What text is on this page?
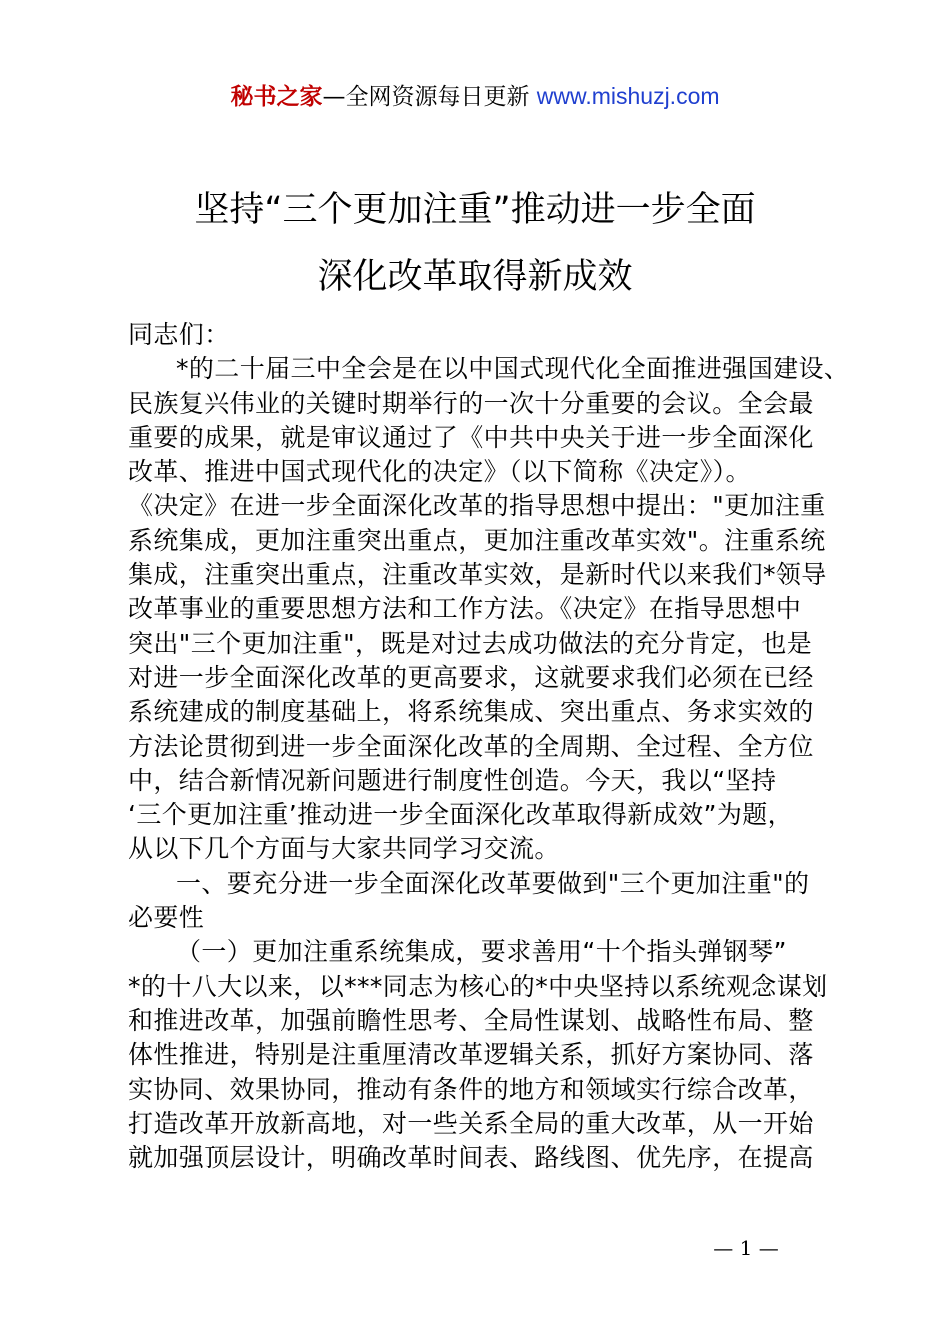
秘书之家—全网资源每日更新 www.mishuzj.com
坚持“三个更加注重”推动进一步全面
深化改革取得新成效
同志们：
*的二十届三中全会是在以中国式现代化全面推进强国建设、
民族复兴伟业的关键时期举行的一次十分重要的会议。全会最
重要的成果，就是审议通过了《中共中央关于进一步全面深化
改革、推进中国式现代化的决定》（以下简称《决定》）。
《决定》在进一步全面深化改革的指导思想中提出："更加注重
系统集成，更加注重突出重点，更加注重改革实效"。注重系统
集成，注重突出重点，注重改革实效，是新时代以来我们*领导
改革事业的重要思想方法和工作方法。《决定》在指导思想中
突出"三个更加注重"，既是对过去成功做法的充分肯定，也是
对进一步全面深化改革的更高要求，这就要求我们必须在已经
系统建成的制度基础上，将系统集成、突出重点、务求实效的
方法论贯彻到进一步全面深化改革的全周期、全过程、全方位
中，结合新情况新问题进行制度性创造。今天，我以“坚持
‘三个更加注重’推动进一步全面深化改革取得新成效”为题，
从以下几个方面与大家共同学习交流。
一、要充分进一步全面深化改革要做到"三个更加注重"的
必要性
（一）更加注重系统集成，要求善用“十个指头弹钢琴”
*的十八大以来，以***同志为核心的*中央坚持以系统观念谋划
和推进改革，加强前瞻性思考、全局性谋划、战略性布局、整
体性推进，特别是注重厘清改革逻辑关系，抓好方案协同、落
实协同、效果协同，推动有条件的地方和领域实行综合改革，
打造改革开放新高地，对一些关系全局的重大改革，从一开始
就加强顶层设计，明确改革时间表、路线图、优先序，在提高
— 1 —
